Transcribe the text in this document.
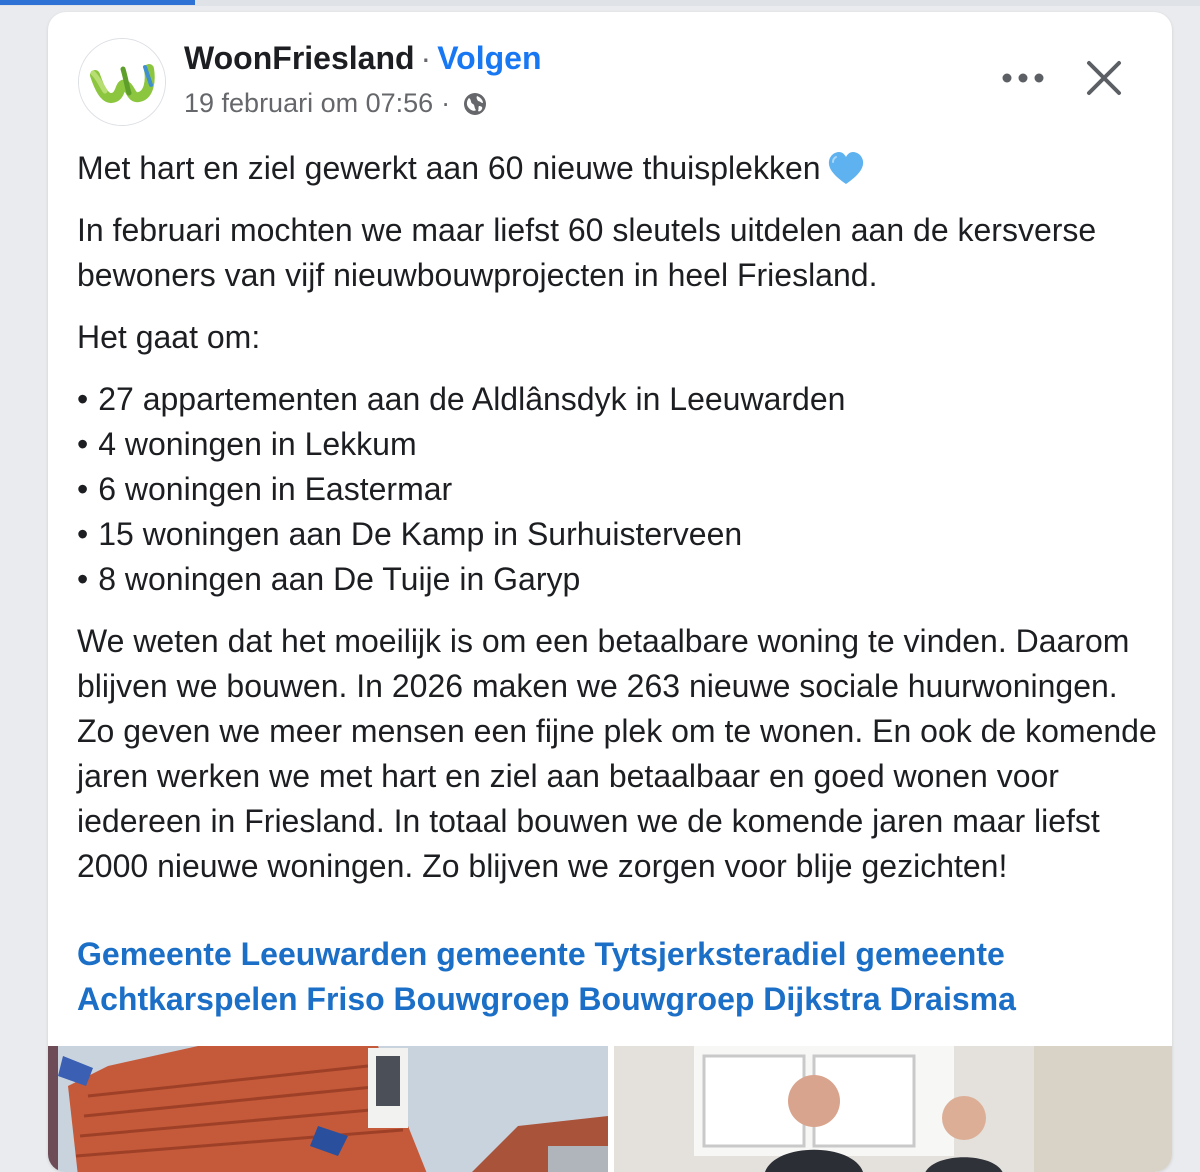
WoonFriesland · Volgen
19 februari om 07:56 ·

Met hart en ziel gewerkt aan 60 nieuwe thuisplekken

In februari mochten we maar liefst 60 sleutels uitdelen aan de kersverse bewoners van vijf nieuwbouwprojecten in heel Friesland.

Het gaat om:

• 27 appartementen aan de Aldlânsdyk in Leeuwarden
• 4 woningen in Lekkum
• 6 woningen in Eastermar
• 15 woningen aan De Kamp in Surhuisterveen
• 8 woningen aan De Tuije in Garyp

We weten dat het moeilijk is om een betaalbare woning te vinden. Daarom blijven we bouwen. In 2026 maken we 263 nieuwe sociale huurwoningen. Zo geven we meer mensen een fijne plek om te wonen. En ook de komende jaren werken we met hart en ziel aan betaalbaar en goed wonen voor iedereen in Friesland. In totaal bouwen we de komende jaren maar liefst 2000 nieuwe woningen. Zo blijven we zorgen voor blije gezichten!

Gemeente Leeuwarden gemeente Tytsjerksteradiel gemeente Achtkarspelen Friso Bouwgroep Bouwgroep Dijkstra Draisma
